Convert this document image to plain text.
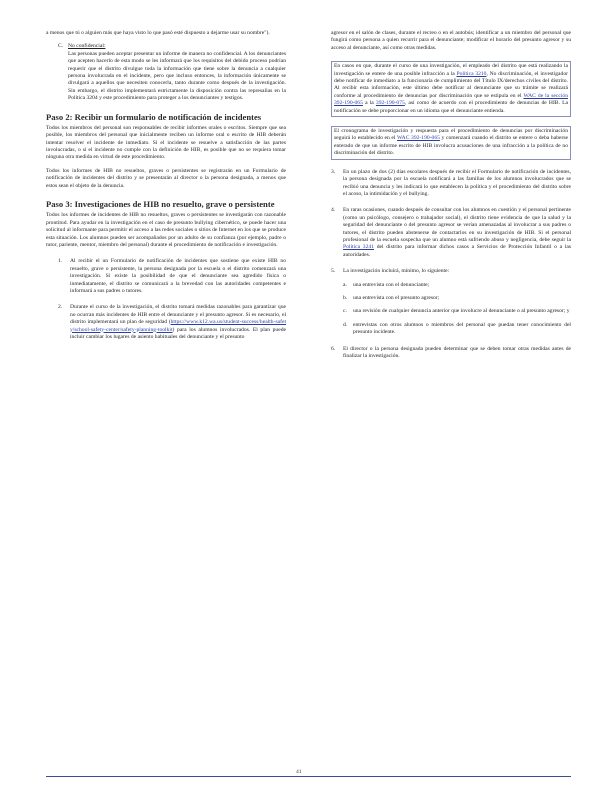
a menos que tú o alguien más que haya visto lo que pasó esté dispuesto a dejarme usar su nombre").

C. No confidencial:

Las personas pueden aceptar presentar un informe de manera no confidencial. A los denunciantes que acepten hacerlo de esta modo se les informará que los requisitos del debido proceso podrían requerir que el distrito divulgue toda la información que tiene sobre la denuncia a cualquier persona involucrada en el incidente, pero que incluso entonces, la información únicamente se divulgará a aquellos que necesiten conocerla, tanto durante como después de la investigación. Sin embargo, el distrito implementará estrictamente la disposición contra las represalias en la Política 3204 y este procedimiento para proteger a los denunciantes y testigos.

Paso 2: Recibir un formulario de notificación de incidentes

Todos los miembros del personal son responsables de recibir informes orales o escritos. Siempre que sea posible, los miembros del personal que inicialmente reciben un informe oral o escrito de HIB deberán intentar resolver el incidente de inmediato. Si el incidente se resuelve a satisfacción de las partes involucradas, o si el incidente no cumple con la definición de HIB, es posible que no se requiera tomar ninguna otra medida en virtud de este procedimiento.

Todos los informes de HIB no resueltos, graves o persistentes se registrarán en un Formulario de notificación de incidentes del distrito y se presentarán al director o la persona designada, a menos que estos sean el objeto de la denuncia.

Paso 3: Investigaciones de HIB no resuelto, grave o persistente

Todos los informes de incidentes de HIB no resueltos, graves o persistentes se investigarán con razonable prontitud. Para ayudar en la investigación en el caso de presunto bullying cibernético, se puede hacer una solicitud al informante para permitir el acceso a las redes sociales o sitios de Internet en los que se produce esta situación. Los alumnos pueden ser acompañados por un adulto de su confianza (por ejemplo, padre o tutor, pariente, mentor, miembro del personal) durante el procedimiento de notificación e investigación.

1. Al recibir el un Formulario de notificación de incidentes que sostiene que existe HIB no resuelto, grave o persistente, la persona designada por la escuela o el distrito comenzará una investigación. Si existe la posibilidad de que el denunciante sea agredido física o inmediatamente, el distrito se comunicará a la brevedad con las autoridades competentes e informará a sus padres o tutores.

2. Durante el curso de la investigación, el distrito tomará medidas razonables para garantizar que no ocurran más incidentes de HIB entre el denunciante y el presunto agresor. Si es necesario, el distrito implementará un plan de seguridad (https://www.k12.wa.us/student-success/health-safety/school-safety-center/safety-planning-toolkit) para los alumnos involucrados. El plan puede incluir cambiar los lugares de asiento habituales del denunciante y el presunto

agresor en el salón de clases, durante el recreo o en el autobús; identificar a un miembro del personal que fungirá como persona a quien recurrir para el denunciante; modificar el horario del presunto agresor y su acceso al denunciante, así como otras medidas.

En casos en que, durante el curso de una investigación, el empleado del distrito que está realizando la investigación se entere de una posible infracción a la Política 3210, No discriminación, el investigador debe notificar de inmediato a la funcionaria de cumplimiento del Título IX/derechos civiles del distrito. Al recibir esta información, este último debe notificar al denunciante que su trámite se realizará conforme al procedimiento de denuncias por discriminación que se estipula en el WAC de la sección 392-190-065 a la 392-190-075, así como de acuerdo con el procedimiento de denuncias de HIB. La notificación se debe proporcionar en un idioma que el denunciante entienda.

El cronograma de investigación y respuesta para el procedimiento de denuncias por discriminación seguirá lo establecido en el WAC 392-190-065 y comenzará cuando el distrito se entere o deba haberse enterado de que un informe escrito de HIB involucra acusaciones de una infracción a la política de no discriminación del distrito.

3. En un plazo de dos (2) días escolares después de recibir el Formulario de notificación de incidentes, la persona designada por la escuela notificará a las familias de los alumnos involucrados que se recibió una denuncia y les indicará lo que establecen la política y el procedimiento del distrito sobre el acoso, la intimidación y el bullying.

4. En raras ocasiones, cuando después de consultar con los alumnos en cuestión y el personal pertinente (como un psicólogo, consejero o trabajador social), el distrito tiene evidencia de que la salud y la seguridad del denunciante o del presunto agresor se verían amenazadas al involucrar a sus padres o tutores, el distrito pueden abstenerse de contactarlos en su investigación de HIB. Si el personal profesional de la escuela sospecha que un alumno está sufriendo abuso y negligencia, debe seguir la Política 3241 del distrito para informar dichos casos a Servicios de Protección Infantil o a las autoridades.

5. La investigación incluirá, mínimo, lo siguiente:

a. una entrevista con el denunciante;

b. una entrevista con el presunto agresor;

c. una revisión de cualquier denuncia anterior que involucre al denunciante o al presunto agresor; y

d. entrevistas con otros alumnos o miembros del personal que puedan tener conocimiento del presunto incidente.

6. El director o la persona designada pueden determinar que se deben tomar otras medidas antes de finalizar la investigación.

41
